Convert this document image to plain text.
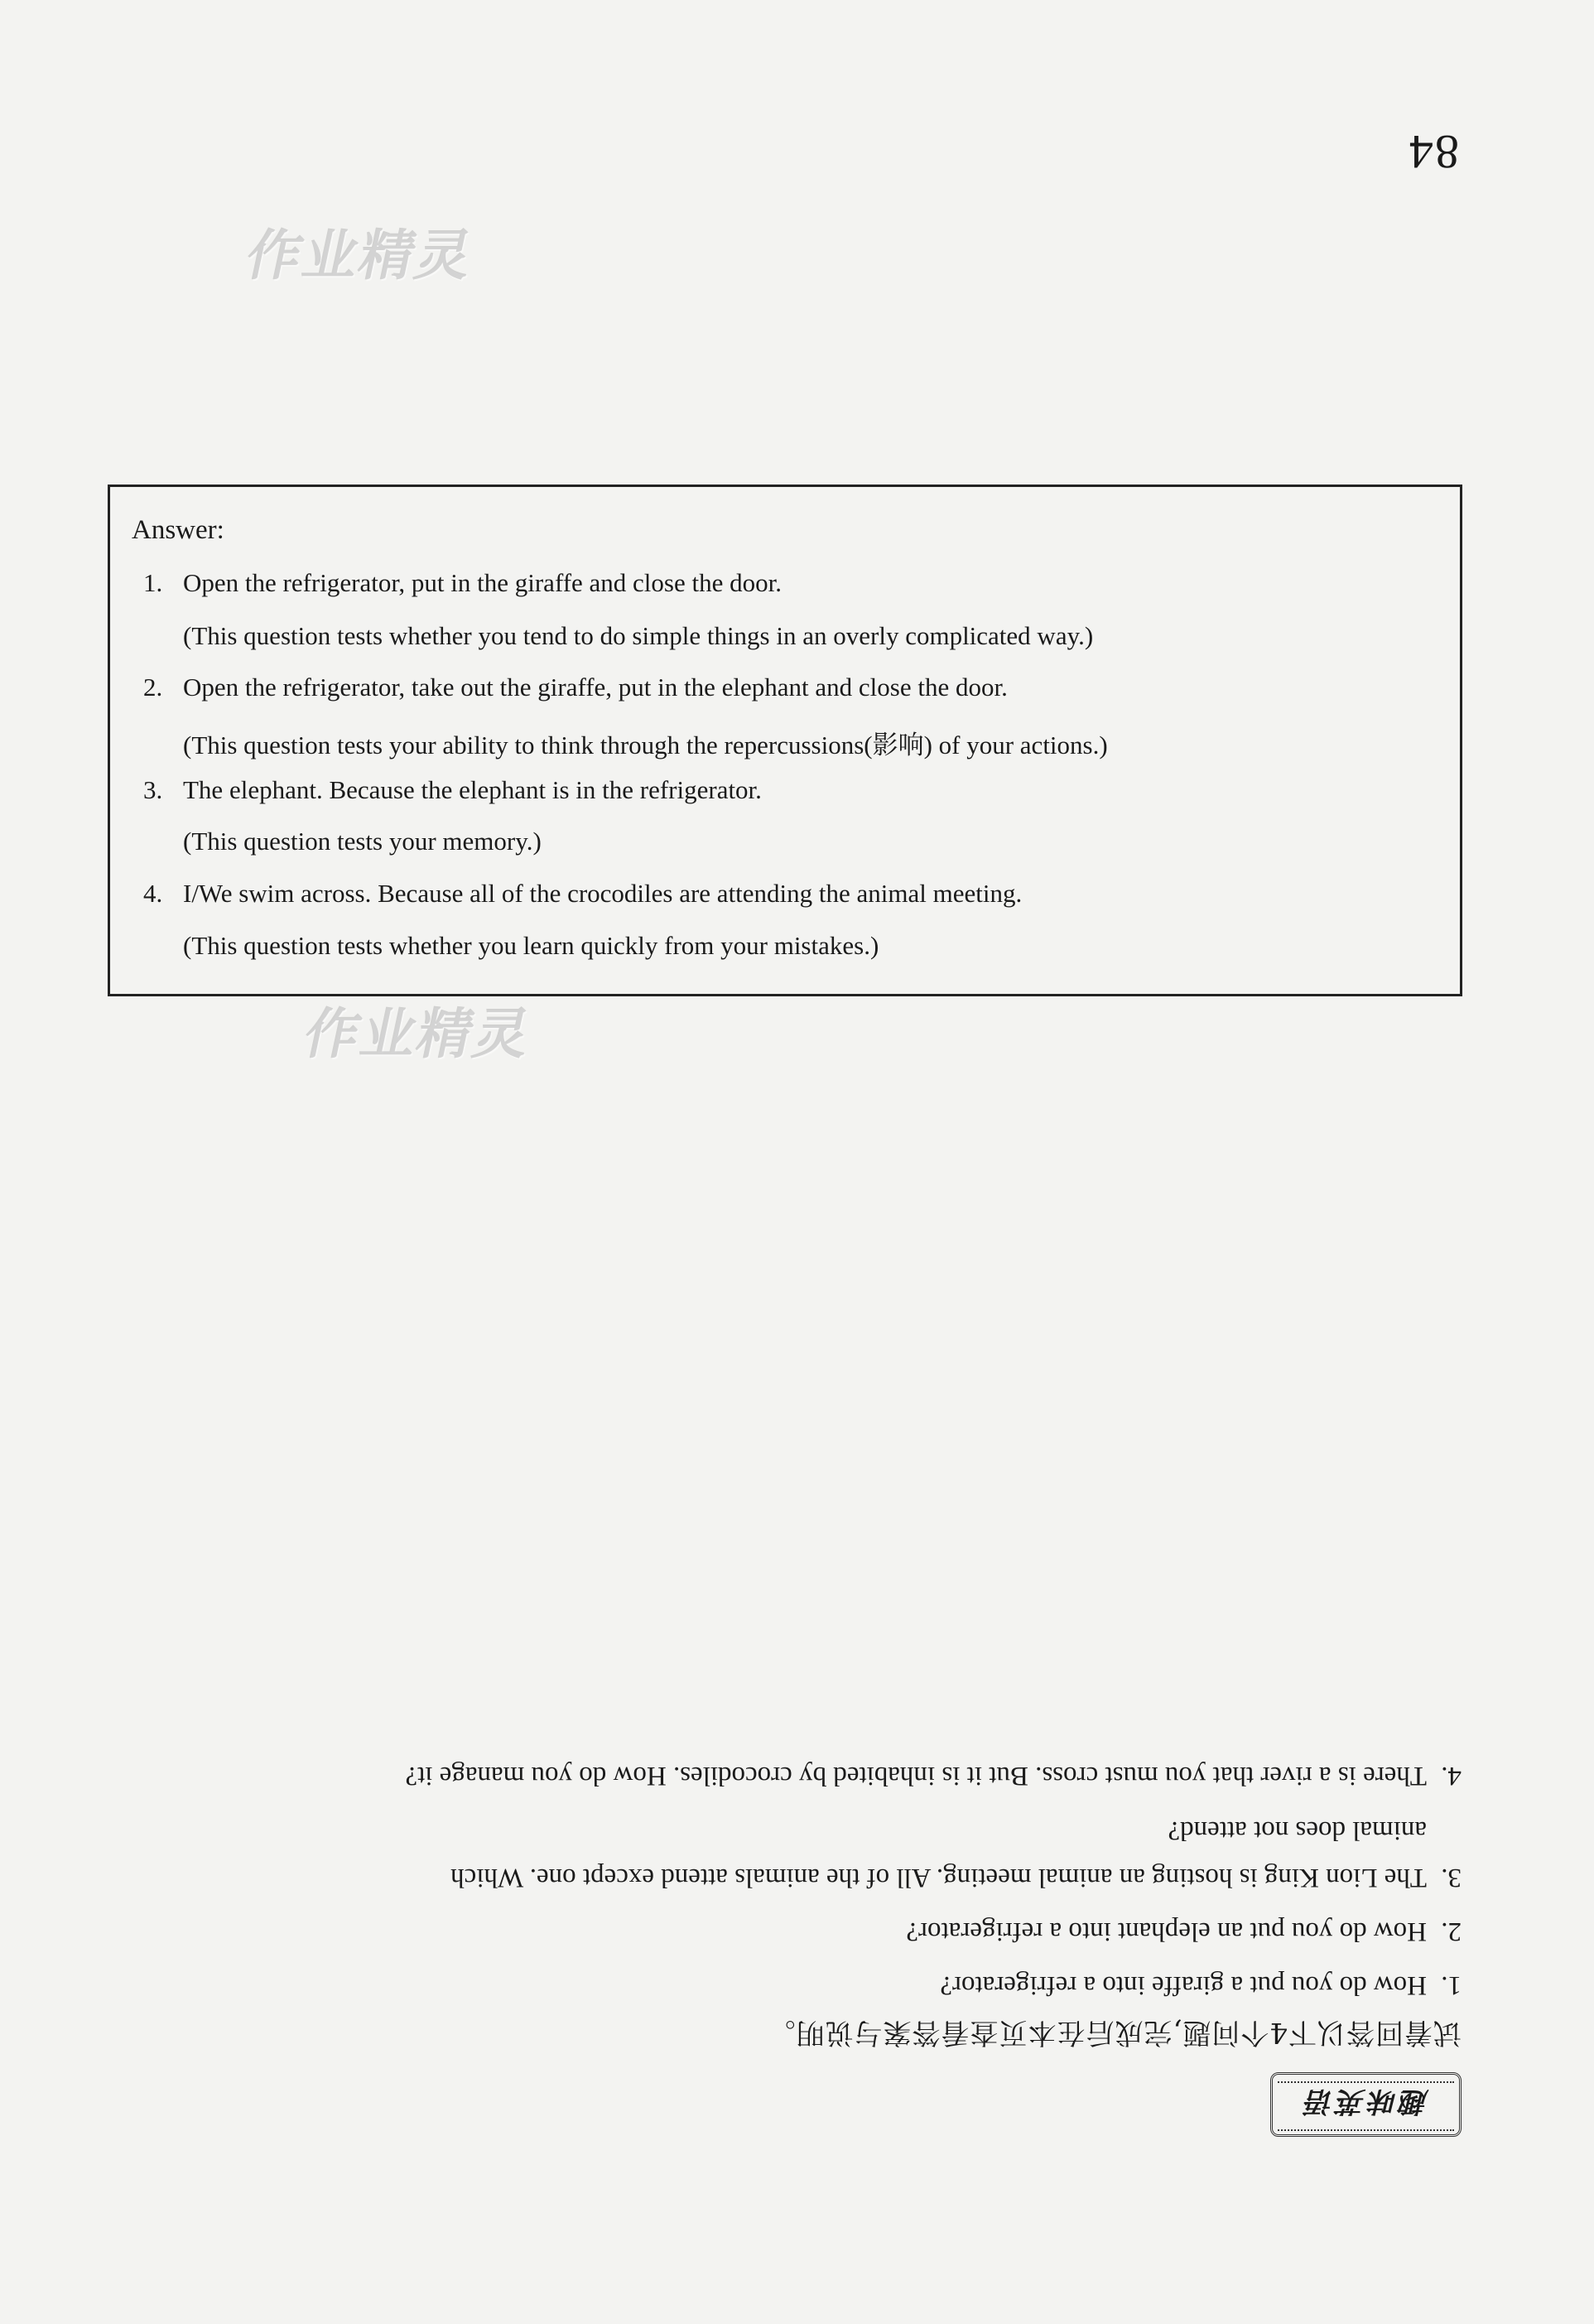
84
作业精灵
作业精灵
Answer:
1. Open the refrigerator, put in the giraffe and close the door.
(This question tests whether you tend to do simple things in an overly complicated way.)
2. Open the refrigerator, take out the giraffe, put in the elephant and close the door.
(This question tests your ability to think through the repercussions(影响) of your actions.)
3. The elephant. Because the elephant is in the refrigerator.
(This question tests your memory.)
4. I/We swim across. Because all of the crocodiles are attending the animal meeting.
(This question tests whether you learn quickly from your mistakes.)
趣味英语
试着回答以下4个问题,完成后在本页查看答案与说明。
1.How do you put a giraffe into a refrigerator?
2.How do you put an elephant into a refrigerator?
3.The Lion King is hosting an animal meeting. All of the animals attend except one. Which
animal does not attend?
4.There is a river that you must cross. But it is inhabited by crocodiles. How do you manage it?
